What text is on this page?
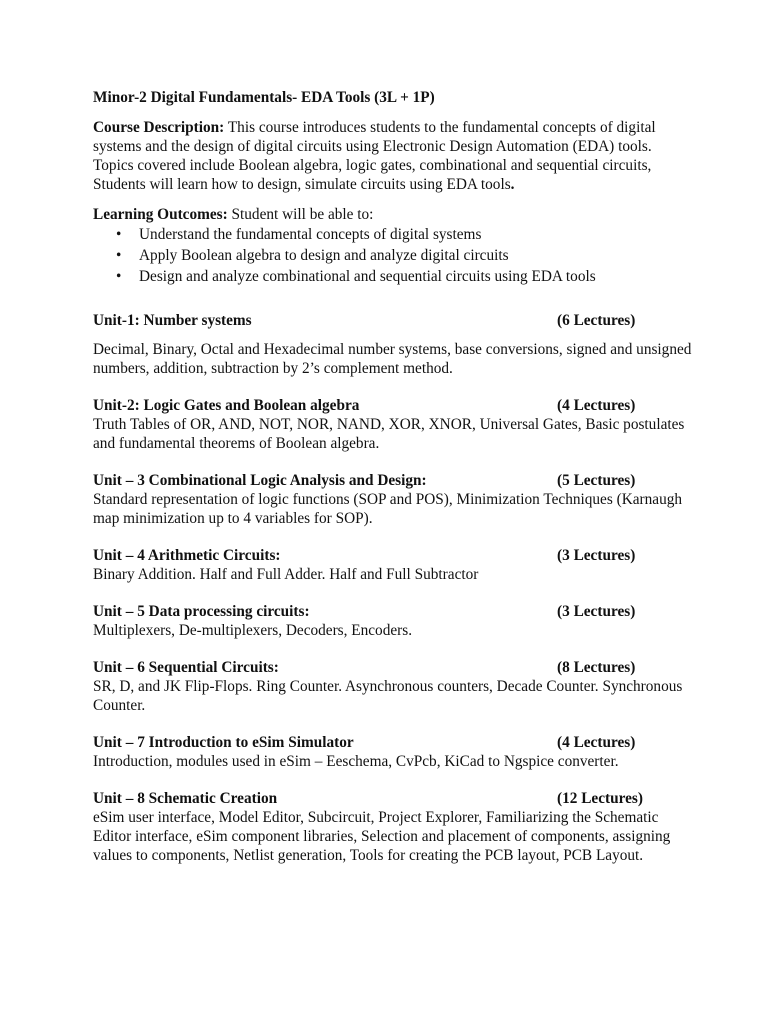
Minor-2 Digital Fundamentals- EDA Tools (3L + 1P)
Course Description: This course introduces students to the fundamental concepts of digital systems and the design of digital circuits using Electronic Design Automation (EDA) tools. Topics covered include Boolean algebra, logic gates, combinational and sequential circuits, Students will learn how to design, simulate circuits using EDA tools.
Learning Outcomes: Student will be able to:
• Understand the fundamental concepts of digital systems
• Apply Boolean algebra to design and analyze digital circuits
• Design and analyze combinational and sequential circuits using EDA tools
Unit-1: Number systems	(6 Lectures)
Decimal, Binary, Octal and Hexadecimal number systems, base conversions, signed and unsigned numbers, addition, subtraction by 2’s complement method.
Unit-2: Logic Gates and Boolean algebra	(4 Lectures)
Truth Tables of OR, AND, NOT, NOR, NAND, XOR, XNOR, Universal Gates, Basic postulates and fundamental theorems of Boolean algebra.
Unit – 3 Combinational Logic Analysis and Design:	(5 Lectures)
Standard representation of logic functions (SOP and POS), Minimization Techniques (Karnaugh map minimization up to 4 variables for SOP).
Unit – 4 Arithmetic Circuits:	(3 Lectures)
Binary Addition. Half and Full Adder. Half and Full Subtractor
Unit – 5 Data processing circuits:	(3 Lectures)
Multiplexers, De-multiplexers, Decoders, Encoders.
Unit – 6 Sequential Circuits:	(8 Lectures)
SR, D, and JK Flip-Flops. Ring Counter. Asynchronous counters, Decade Counter. Synchronous Counter.
Unit – 7 Introduction to eSim Simulator	(4 Lectures)
Introduction, modules used in eSim – Eeschema, CvPcb, KiCad to Ngspice converter.
Unit – 8 Schematic Creation	(12 Lectures)
eSim user interface, Model Editor, Subcircuit, Project Explorer, Familiarizing the Schematic Editor interface, eSim component libraries, Selection and placement of components, assigning values to components, Netlist generation, Tools for creating the PCB layout, PCB Layout.
